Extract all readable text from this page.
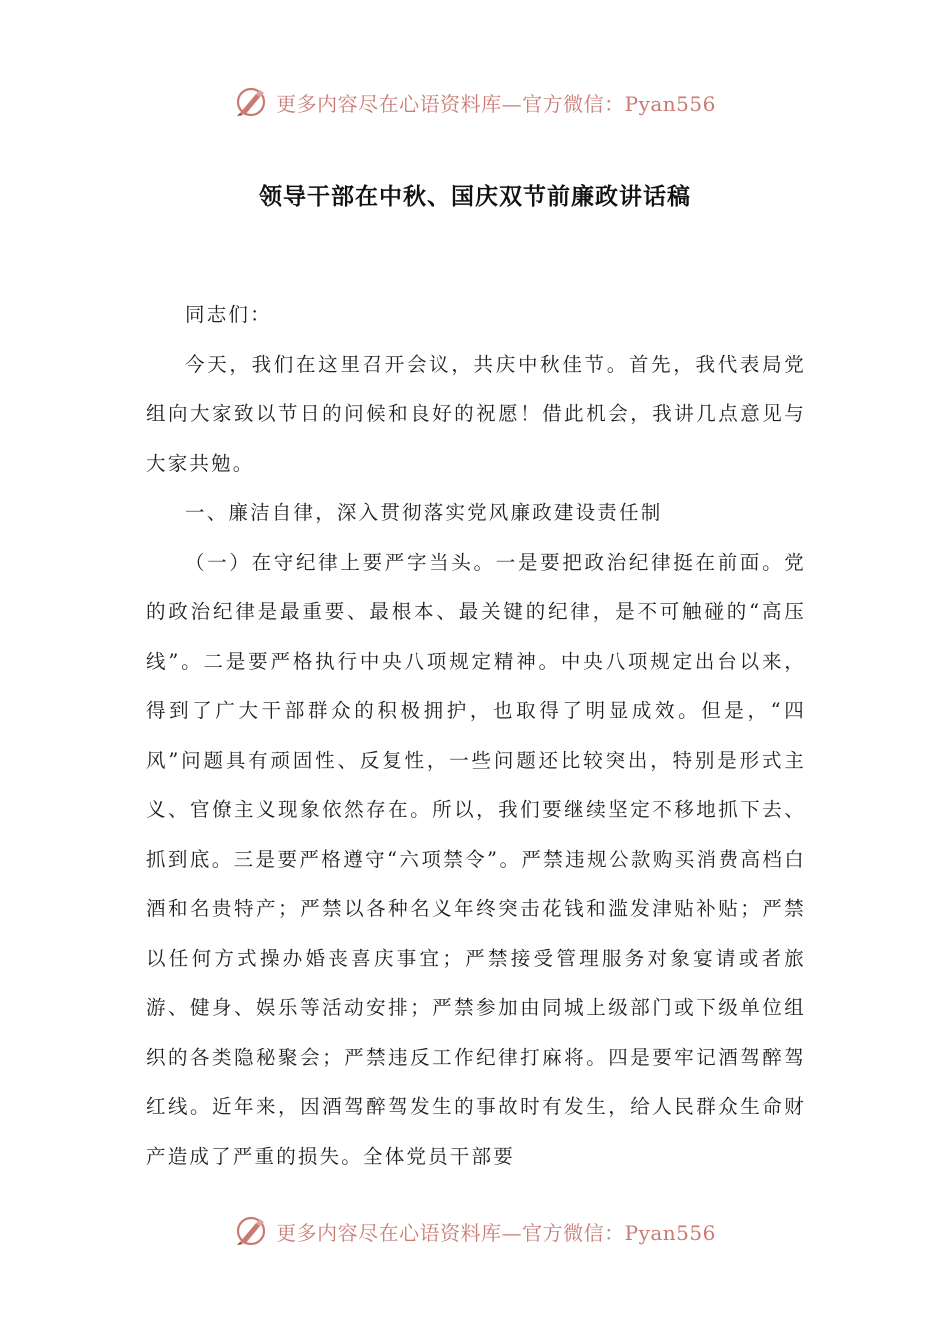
更多内容尽在心语资料库—官方微信：Pyan556
领导干部在中秋、国庆双节前廉政讲话稿

同志们：

今天，我们在这里召开会议，共庆中秋佳节。首先，我代表局党组向大家致以节日的问候和良好的祝愿！借此机会，我讲几点意见与大家共勉。

一、廉洁自律，深入贯彻落实党风廉政建设责任制

（一）在守纪律上要严字当头。一是要把政治纪律挺在前面。党的政治纪律是最重要、最根本、最关键的纪律，是不可触碰的“高压线”。二是要严格执行中央八项规定精神。中央八项规定出台以来，得到了广大干部群众的积极拥护，也取得了明显成效。但是，“四风”问题具有顽固性、反复性，一些问题还比较突出，特别是形式主义、官僚主义现象依然存在。所以，我们要继续坚定不移地抓下去、抓到底。三是要严格遵守“六项禁令”。严禁违规公款购买消费高档白酒和名贵特产；严禁以各种名义年终突击花钱和滥发津贴补贴；严禁以任何方式操办婚丧喜庆事宜；严禁接受管理服务对象宴请或者旅游、健身、娱乐等活动安排；严禁参加由同城上级部门或下级单位组织的各类隐秘聚会；严禁违反工作纪律打麻将。四是要牢记酒驾醉驾红线。近年来，因酒驾醉驾发生的事故时有发生，给人民群众生命财产造成了严重的损失。全体党员干部要

更多内容尽在心语资料库—官方微信：Pyan556
